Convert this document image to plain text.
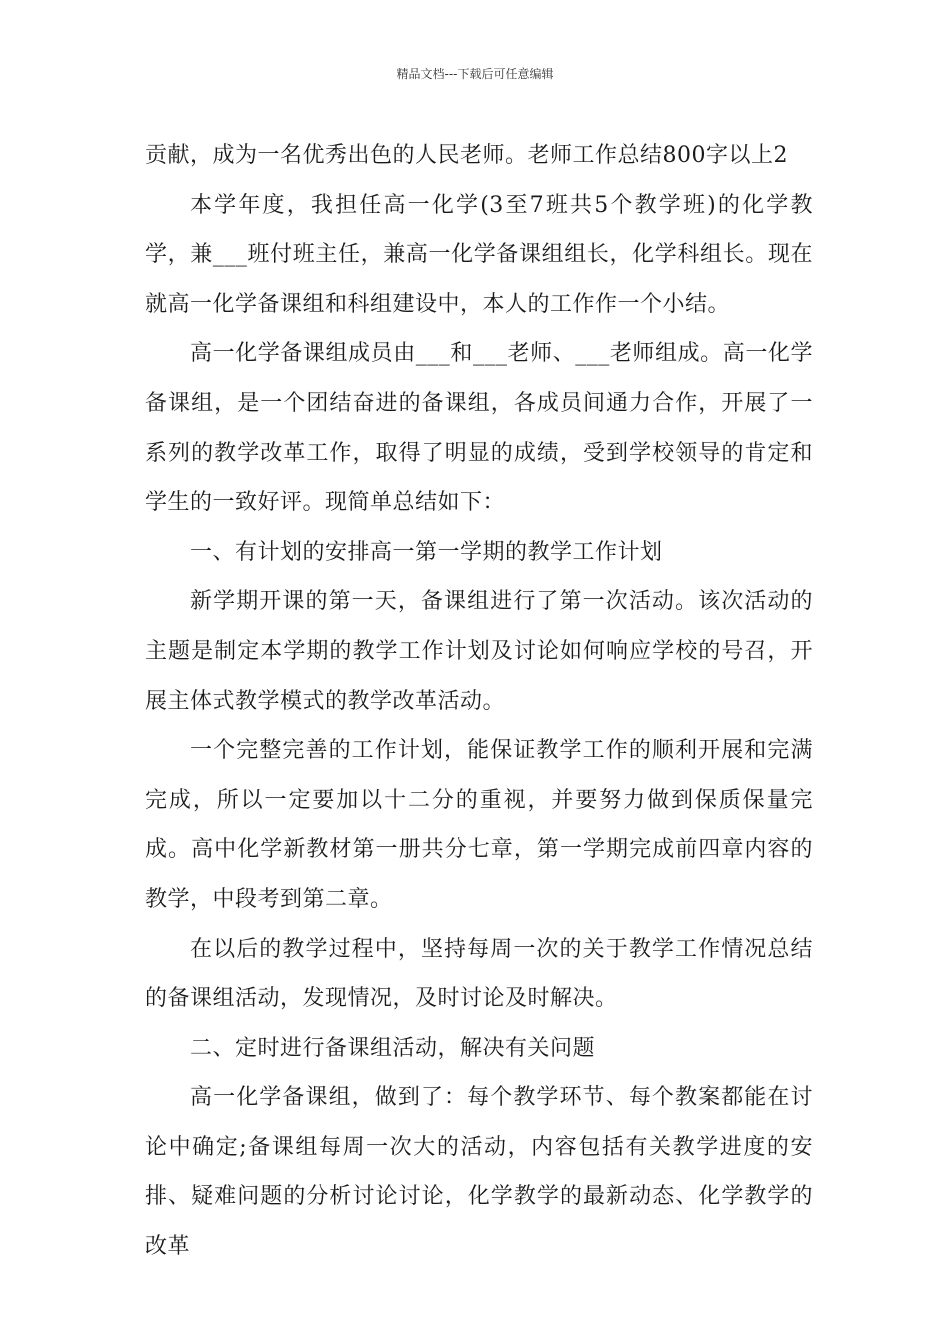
精品文档---下载后可任意编辑

贡献，成为一名优秀出色的人民老师。老师工作总结800字以上2

本学年度，我担任高一化学(3至7班共5个教学班)的化学教学，兼___班付班主任，兼高一化学备课组组长，化学科组长。现在就高一化学备课组和科组建设中，本人的工作作一个小结。

高一化学备课组成员由___和___老师、___老师组成。高一化学备课组，是一个团结奋进的备课组，各成员间通力合作，开展了一系列的教学改革工作，取得了明显的成绩，受到学校领导的肯定和学生的一致好评。现简单总结如下：

一、有计划的安排高一第一学期的教学工作计划

新学期开课的第一天，备课组进行了第一次活动。该次活动的主题是制定本学期的教学工作计划及讨论如何响应学校的号召，开展主体式教学模式的教学改革活动。

一个完整完善的工作计划，能保证教学工作的顺利开展和完满完成，所以一定要加以十二分的重视，并要努力做到保质保量完成。高中化学新教材第一册共分七章，第一学期完成前四章内容的教学，中段考到第二章。

在以后的教学过程中，坚持每周一次的关于教学工作情况总结的备课组活动，发现情况，及时讨论及时解决。

二、定时进行备课组活动，解决有关问题

高一化学备课组，做到了：每个教学环节、每个教案都能在讨论中确定;备课组每周一次大的活动，内容包括有关教学进度的安排、疑难问题的分析讨论讨论，化学教学的最新动态、化学教学的改革
